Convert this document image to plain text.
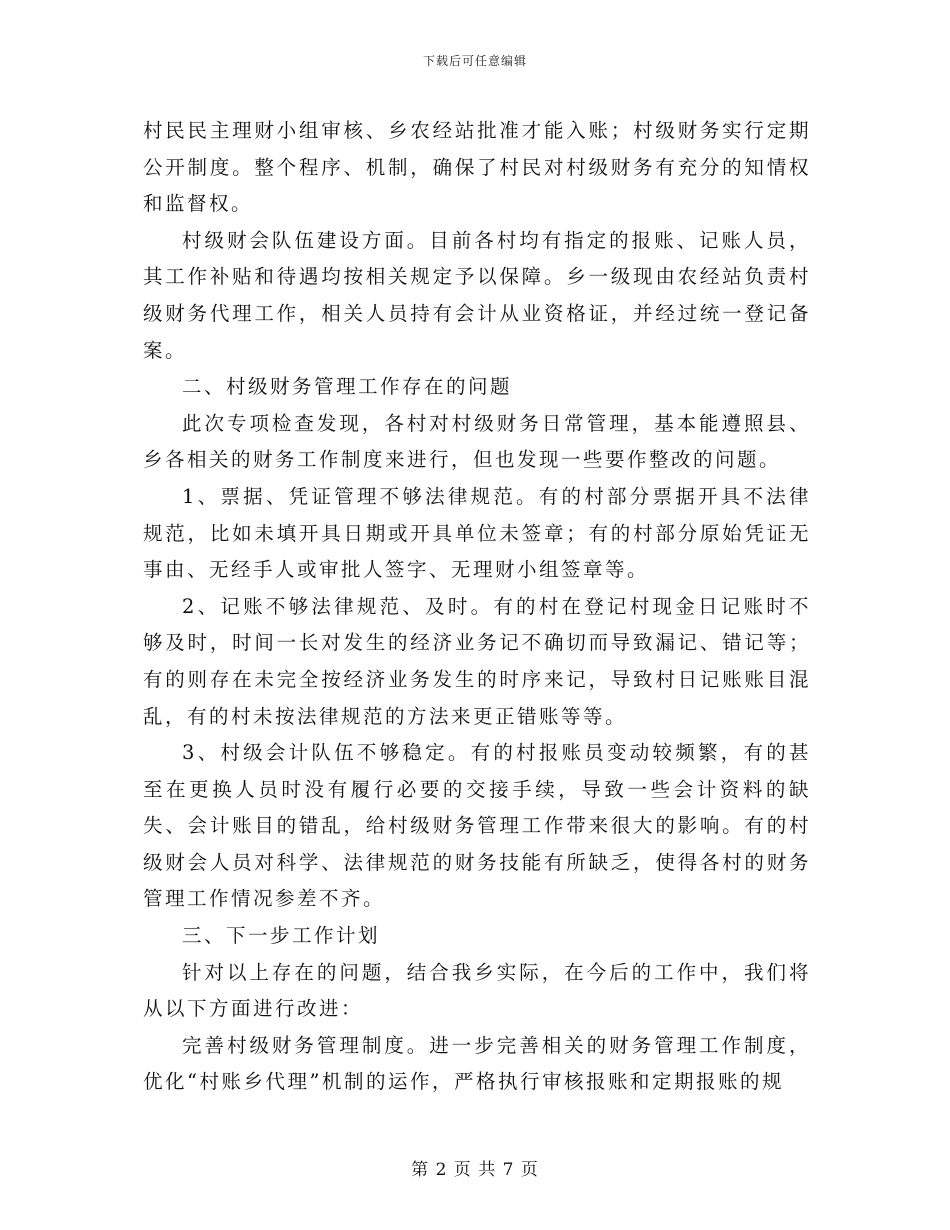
下载后可任意编辑

村民民主理财小组审核、乡农经站批准才能入账；村级财务实行定期公开制度。整个程序、机制，确保了村民对村级财务有充分的知情权和监督权。

村级财会队伍建设方面。目前各村均有指定的报账、记账人员，其工作补贴和待遇均按相关规定予以保障。乡一级现由农经站负责村级财务代理工作，相关人员持有会计从业资格证，并经过统一登记备案。

二、村级财务管理工作存在的问题

此次专项检查发现，各村对村级财务日常管理，基本能遵照县、乡各相关的财务工作制度来进行，但也发现一些要作整改的问题。

1、票据、凭证管理不够法律规范。有的村部分票据开具不法律规范，比如未填开具日期或开具单位未签章；有的村部分原始凭证无事由、无经手人或审批人签字、无理财小组签章等。

2、记账不够法律规范、及时。有的村在登记村现金日记账时不够及时，时间一长对发生的经济业务记不确切而导致漏记、错记等；有的则存在未完全按经济业务发生的时序来记，导致村日记账账目混乱，有的村未按法律规范的方法来更正错账等等。

3、村级会计队伍不够稳定。有的村报账员变动较频繁，有的甚至在更换人员时没有履行必要的交接手续，导致一些会计资料的缺失、会计账目的错乱，给村级财务管理工作带来很大的影响。有的村级财会人员对科学、法律规范的财务技能有所缺乏，使得各村的财务管理工作情况参差不齐。

三、下一步工作计划

针对以上存在的问题，结合我乡实际，在今后的工作中，我们将从以下方面进行改进：

完善村级财务管理制度。进一步完善相关的财务管理工作制度，优化“村账乡代理”机制的运作，严格执行审核报账和定期报账的规

第 2 页 共 7 页
